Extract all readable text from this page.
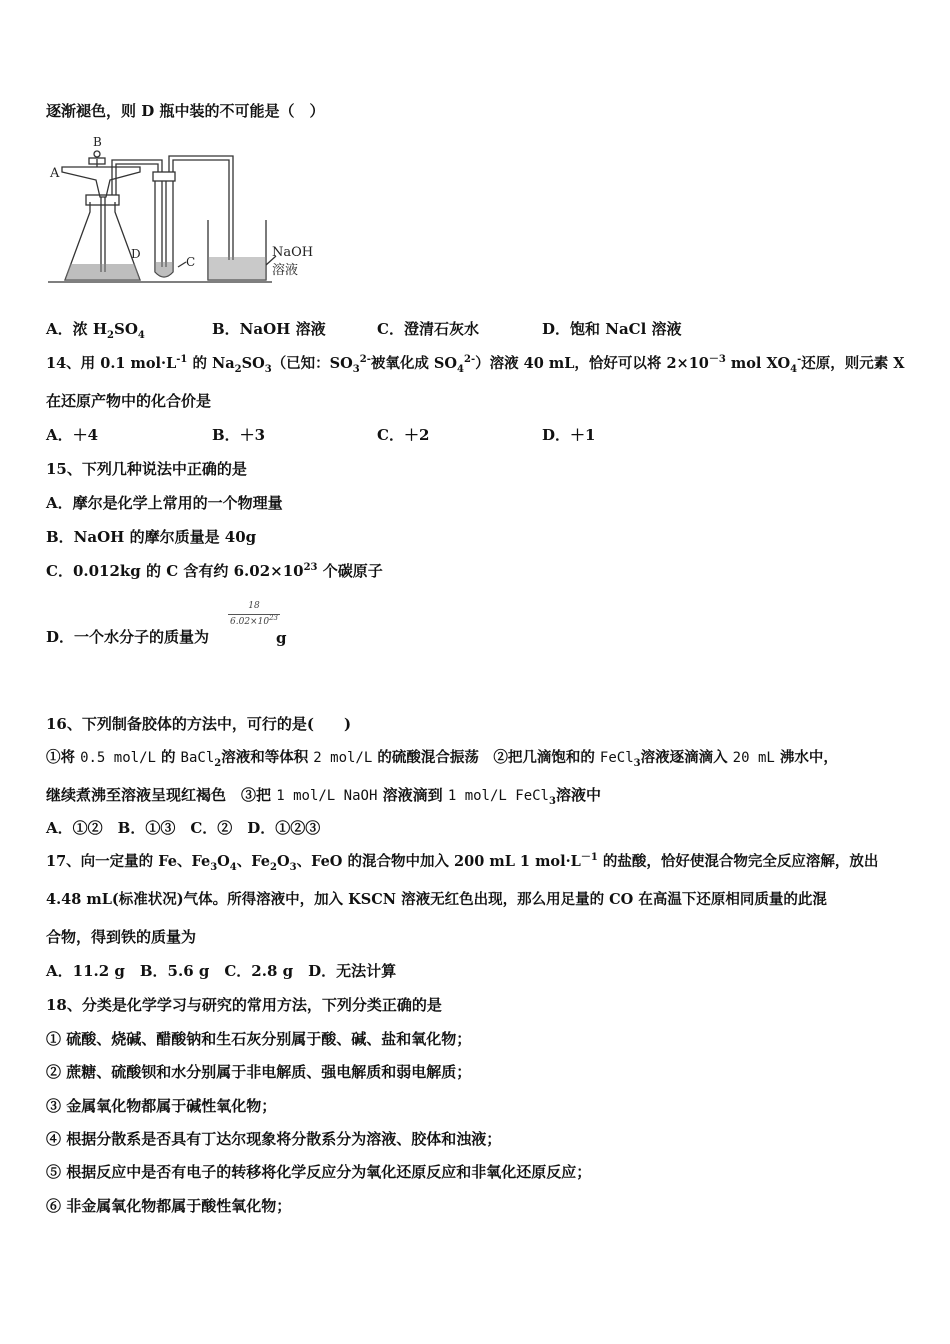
逐渐褪色，则 D 瓶中装的不可能是（　）
A
B
D
C
NaOH
溶液
A．浓 $H_2SO_4$	B．NaOH 溶液	C．澄清石灰水	D．饱和 NaCl 溶液
14、用 0.1 $mol\cdot L^{-1}$ 的 $Na_2SO_3$（已知：$SO_3^{2-}$被氧化成 $SO_4^{2-}$）溶液 40 mL，恰好可以将 $2\times 10^{-3}$ mol $XO_4^-$还原，则元素 X
在还原产物中的化合价是
A．＋4	B．＋3	C．＋2	D．＋1
15、下列几种说法中正确的是
A．摩尔是化学上常用的一个物理量
B．NaOH 的摩尔质量是 40g
C．0.012kg 的 C 含有约 $6.02\times 10^{23}$ 个碳原子
D．一个水分子的质量为
18
$6.02\times 10^{23}$
g
16、下列制备胶体的方法中，可行的是(　　)
①将 0.5 mol/L 的 BaCl$_2$溶液和等体积 2 mol/L 的硫酸混合振荡　②把几滴饱和的 FeCl$_3$溶液逐滴滴入 20 mL 沸水中，
继续煮沸至溶液呈现红褐色　③把 1 mol/L NaOH 溶液滴到 1 mol/L FeCl$_3$溶液中
A．①②　B．①③　C．②　D．①②③
17、向一定量的 Fe、$Fe_3O_4$、$Fe_2O_3$、FeO 的混合物中加入 200 mL 1 $mol\cdot L^{-1}$ 的盐酸，恰好使混合物完全反应溶解，放出
4.48 mL(标准状况)气体。所得溶液中，加入 KSCN 溶液无红色出现，那么用足量的 CO 在高温下还原相同质量的此混
合物，得到铁的质量为
A．11.2 g　B．5.6 g　C．2.8 g　D．无法计算
18、分类是化学学习与研究的常用方法，下列分类正确的是
① 硫酸、烧碱、醋酸钠和生石灰分别属于酸、碱、盐和氧化物；
② 蔗糖、硫酸钡和水分别属于非电解质、强电解质和弱电解质；
③ 金属氧化物都属于碱性氧化物；
④ 根据分散系是否具有丁达尔现象将分散系分为溶液、胶体和浊液；
⑤ 根据反应中是否有电子的转移将化学反应分为氧化还原反应和非氧化还原反应；
⑥ 非金属氧化物都属于酸性氧化物；
